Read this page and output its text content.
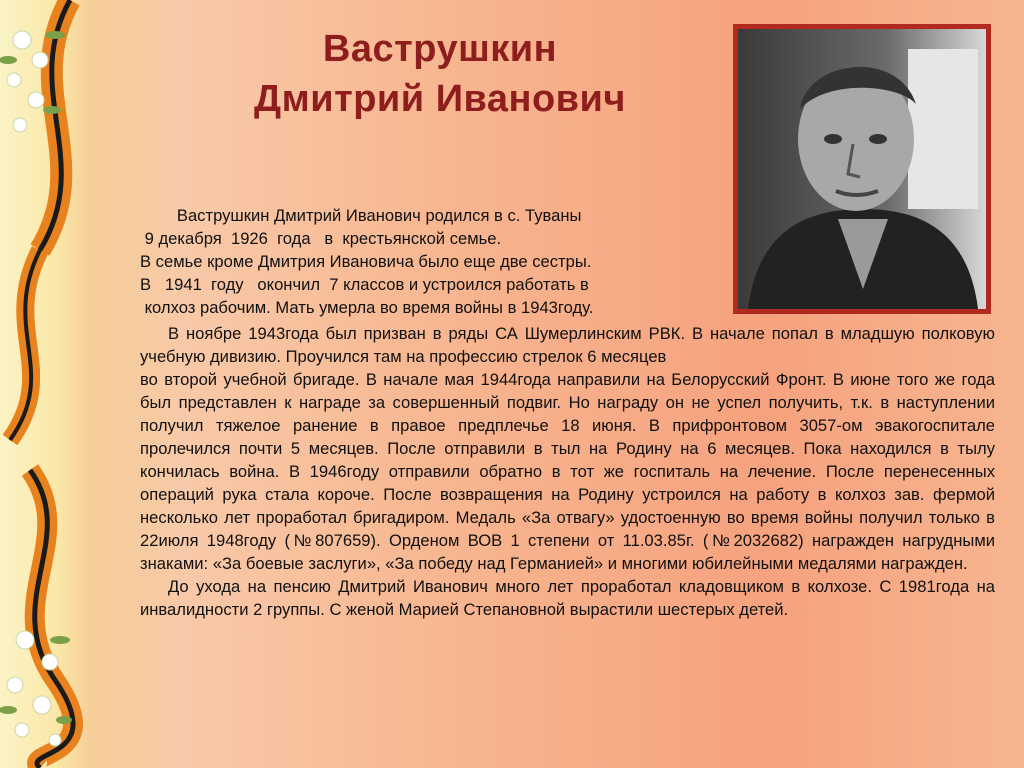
Ваструшкин
Дмитрий Иванович
Ваструшкин Дмитрий Иванович родился в с. Туваны
9 декабря  1926  года   в  крестьянской семье.
В семье кроме Дмитрия Ивановича было еще две сестры.
В   1941  году   окончил  7 классов и устроился работать в
колхоз рабочим. Мать умерла во время войны в 1943году.

В ноябре 1943года был призван в ряды СА Шумерлинским РВК. В начале попал в младшую полковую учебную дивизию. Проучился там на профессию стрелок 6 месяцев

во второй учебной бригаде. В начале мая 1944года направили на Белорусский Фронт. В июне того же года был представлен к награде за совершенный подвиг. Но награду он не успел получить, т.к. в наступлении получил тяжелое ранение в правое предплечье 18 июня. В прифронтовом 3057-ом эвакогоспитале пролечился почти 5 месяцев. После отправили в тыл на Родину на 6 месяцев. Пока находился в тылу кончилась война. В 1946году отправили обратно в тот же госпиталь на лечение. После перенесенных операций рука стала короче. После возвращения на Родину устроился на работу в колхоз зав. фермой несколько лет проработал бригадиром. Медаль «За отвагу» удостоенную во время войны получил только в 22июля 1948году (№807659). Орденом ВОВ 1 степени от 11.03.85г. (№2032682) награжден нагрудными знаками: «За боевые заслуги», «За победу над Германией» и многими юбилейными медалями награжден.

До ухода на пенсию Дмитрий Иванович много лет проработал кладовщиком в колхозе. С 1981года на инвалидности 2 группы. С женой Марией Степановной вырастили шестерых детей.
